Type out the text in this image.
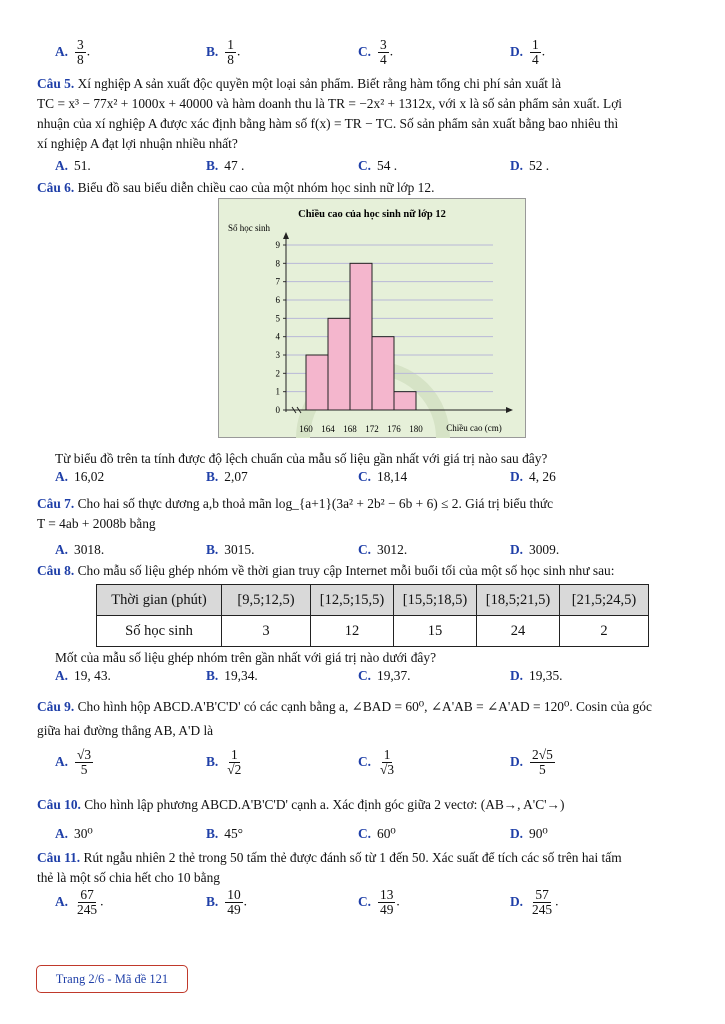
A. $\frac{3}{8}$ .	B. $\frac{1}{8}$ .	C. $\frac{3}{4}$ .	D. $\frac{1}{4}$ .
Câu 5. Xí nghiệp A sản xuất độc quyền một loại sản phẩm. Biết rằng hàm tổng chi phí sản xuất là
TC = x³ − 77x² + 1000x + 40000 và hàm doanh thu là TR = −2x² + 1312x, với x là số sản phẩm sản xuất. Lợi
nhuận của xí nghiệp A được xác định bằng hàm số f(x) = TR − TC. Số sản phẩm sản xuất bằng bao nhiêu thì
xí nghiệp A đạt lợi nhuận nhiều nhất?
A. 51.	B. 47 .	C. 54 .	D. 52 .
Câu 6. Biểu đồ sau biểu diễn chiều cao của một nhóm học sinh nữ lớp 12.
0
1
2
3
4
5
6
7
8
9
160 164 168 172 176 180
Chiều cao của học sinh nữ lớp 12
Số học sinh
Chiều cao (cm)
Từ biểu đồ trên ta tính được độ lệch chuẩn của mẫu số liệu gần nhất với giá trị nào sau đây?
A. 16,02	B. 2,07	C. 18,14	D. 4, 26
Câu 7. Cho hai số thực dương a,b thoả mãn log_{a+1}(3a² + 2b² − 6b + 6) ≤ 2. Giá trị biểu thức
T = 4ab + 2008b bằng
A. 3018.	B. 3015.	C. 3012.	D. 3009.
Câu 8. Cho mẫu số liệu ghép nhóm về thời gian truy cập Internet mỗi buổi tối của một số học sinh như sau:
Thời gian (phút)	[9,5;12,5)	[12,5;15,5)	[15,5;18,5)	[18,5;21,5)	[21,5;24,5)
Số học sinh	3	12	15	24	2
Mốt của mẫu số liệu ghép nhóm trên gần nhất với giá trị nào dưới đây?
A. 19, 43.	B. 19,34.	C. 19,37.	D. 19,35.
Câu 9. Cho hình hộp ABCD.A'B'C'D' có các cạnh bằng a, ∠BAD = 60⁰, ∠A'AB = ∠A'AD = 120⁰. Cosin của góc
giữa hai đường thẳng AB, A'D là
A. $\frac{√3}{5}$	B. $\frac{1}{√2}$	C. $\frac{1}{√3}$	D. $\frac{2√5}{5}$
Câu 10. Cho hình lập phương ABCD.A'B'C'D' cạnh a. Xác định góc giữa 2 vectơ: (AB→, A'C'→)
A. 30⁰	B. 45°	C. 60⁰	D. 90⁰
Câu 11. Rút ngẫu nhiên 2 thẻ trong 50 tấm thẻ được đánh số từ 1 đến 50. Xác suất để tích các số trên hai tấm
thẻ là một số chia hết cho 10 bằng
A. $\frac{67}{245}$ .	B. $\frac{10}{49}$ .	C. $\frac{13}{49}$ .	D. $\frac{57}{245}$ .
Trang 2/6 - Mã đề 121
